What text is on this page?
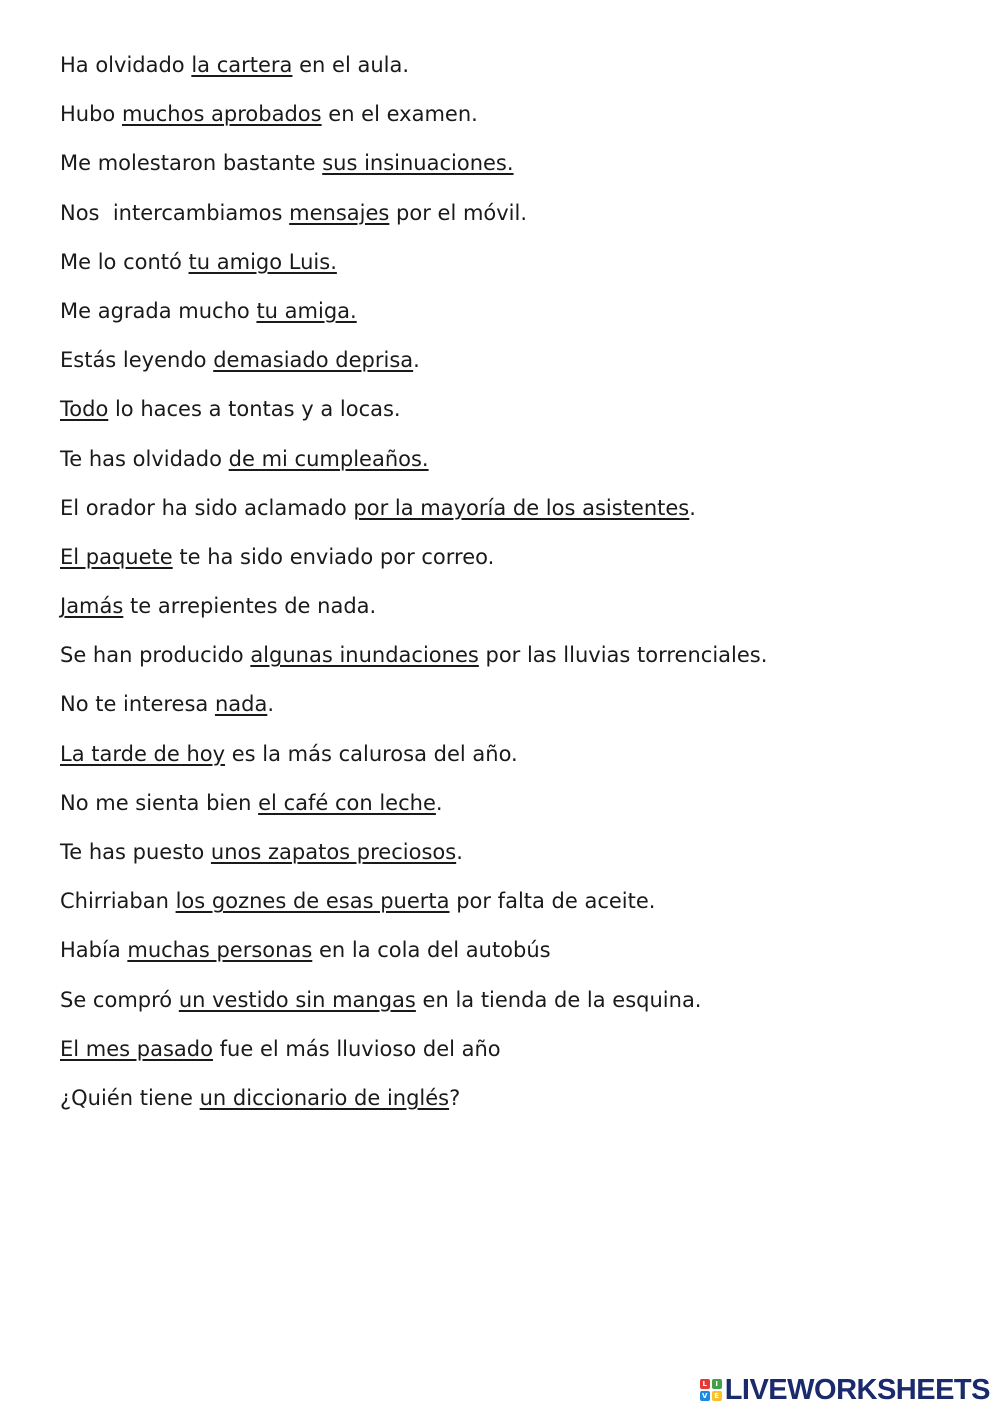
Ha olvidado la cartera en el aula.
Hubo muchos aprobados en el examen.
Me molestaron bastante sus insinuaciones.
Nos  intercambiamos mensajes por el móvil.
Me lo contó tu amigo Luis.
Me agrada mucho tu amiga.
Estás leyendo demasiado deprisa.
Todo lo haces a tontas y a locas.
Te has olvidado de mi cumpleaños.
El orador ha sido aclamado por la mayoría de los asistentes.
El paquete te ha sido enviado por correo.
Jamás te arrepientes de nada.
Se han producido algunas inundaciones por las lluvias torrenciales.
No te interesa nada.
La tarde de hoy es la más calurosa del año.
No me sienta bien el café con leche.
Te has puesto unos zapatos preciosos.
Chirriaban los goznes de esas puerta por falta de aceite.
Había muchas personas en la cola del autobús
Se compró un vestido sin mangas en la tienda de la esquina.
El mes pasado fue el más lluvioso del año
¿Quién tiene un diccionario de inglés?
L	I
V E LIVEWORKSHEETS
